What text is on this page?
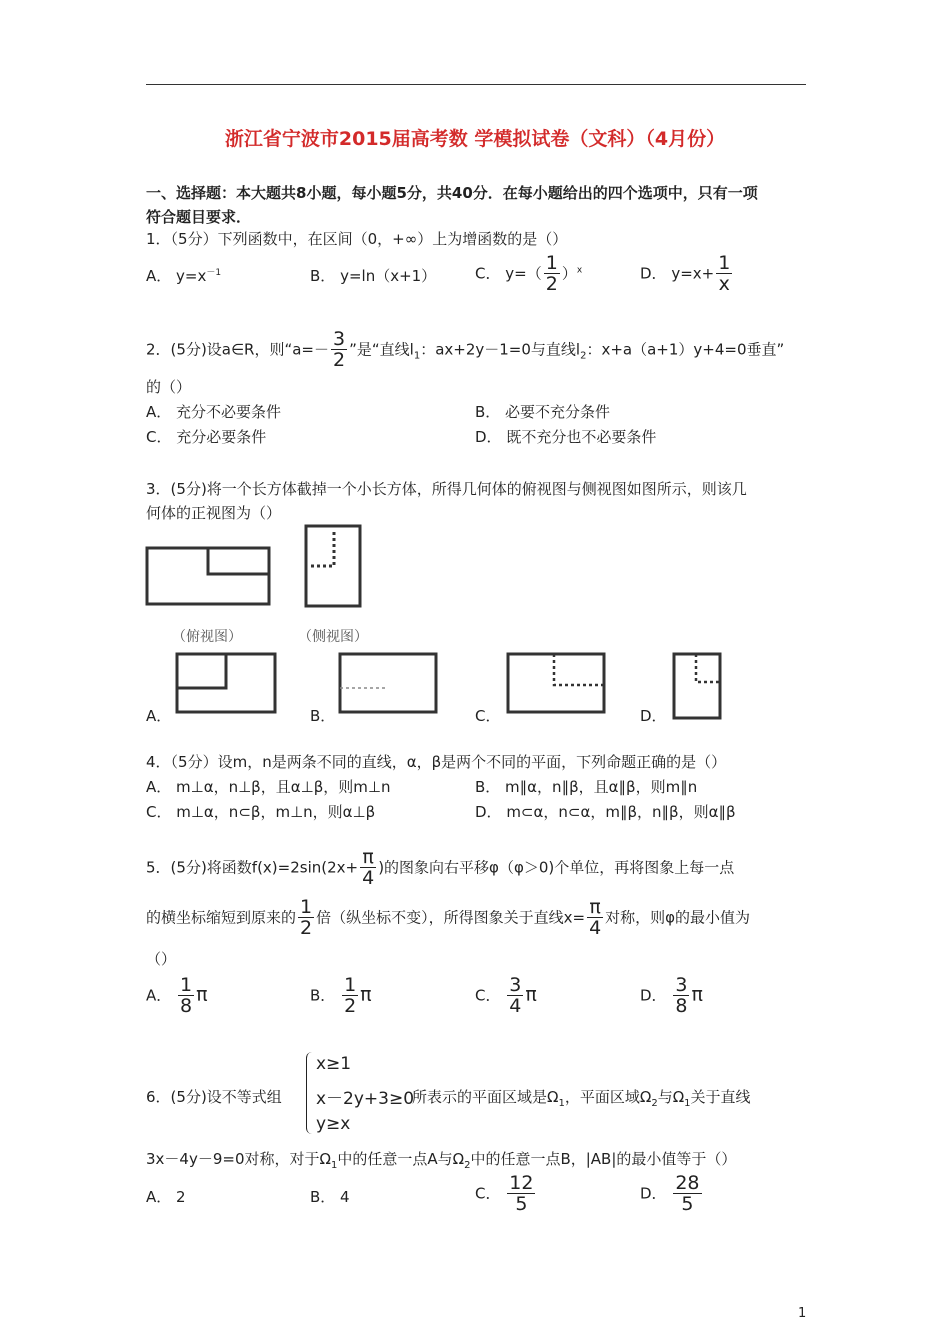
浙江省宁波市2015届高考数 学模拟试卷（文科）（4月份）
一、选择题：本大题共8小题，每小题5分，共40分．在每小题给出的四个选项中，只有一项
符合题目要求．
1．（5分）下列函数中，在区间（0，+∞）上为增函数的是（）
A． $y=x^{-1}$	B． y=ln（x+1）	C． $y=( \frac{1}{2} )^x$	D． $y=x+ \frac{1}{x}$
2．(5分)设a∈R，则“$a=- \frac{3}{2}$ ”是“直线$l_1$：ax+2y－1=0与直线$l_2$：x+a（a+1）y+4=0垂直”
的（）
A． 充分不必要条件	B． 必要不充分条件
C． 充分必要条件	D． 既不充分也不必要条件
3．(5分)将一个长方体截掉一个小长方体，所得几何体的俯视图与侧视图如图所示，则该几
何体的正视图为（）
（俯视图）	（侧视图）
A．	B．	C．	D．
4．（5分）设m，n是两条不同的直线，α，β是两个不同的平面，下列命题正确的是（）
A． m⊥α，n⊥β，且α⊥β，则m⊥n	B． m∥α，n∥β，且α∥β，则m∥n
C． m⊥α，n⊂β，m⊥n，则α⊥β	D． m⊂α，n⊂α，m∥β，n∥β，则α∥β
5．(5分)将函数$f(x)=2\sin(2x+ \frac{\pi}{4}$ )的图象向右平移φ（φ＞0)个单位，再将图象上每一点
的横坐标缩短到原来的 $\frac{1}{2}$ 倍（纵坐标不变），所得图象关于直线$x= \frac{\pi}{4}$ 对称，则φ的最小值为
（）
A． $\frac{1}{8}$ π	B． $\frac{1}{2}$ π	C． $\frac{3}{4}$ π	D． $\frac{3}{8}$ π
x≥1
x－2y+3≥0
y≥x
6．(5分)设不等式组	所表示的平面区域是$\Omega_1$，平面区域$\Omega_2$与$\Omega_1$关于直线
3x－4y－9=0对称，对于$\Omega_1$中的任意一点A与$\Omega_2$中的任意一点B，|AB|的最小值等于（）
A． 2	B． 4	C． $\frac{12}{5}$	D． $\frac{28}{5}$
1
